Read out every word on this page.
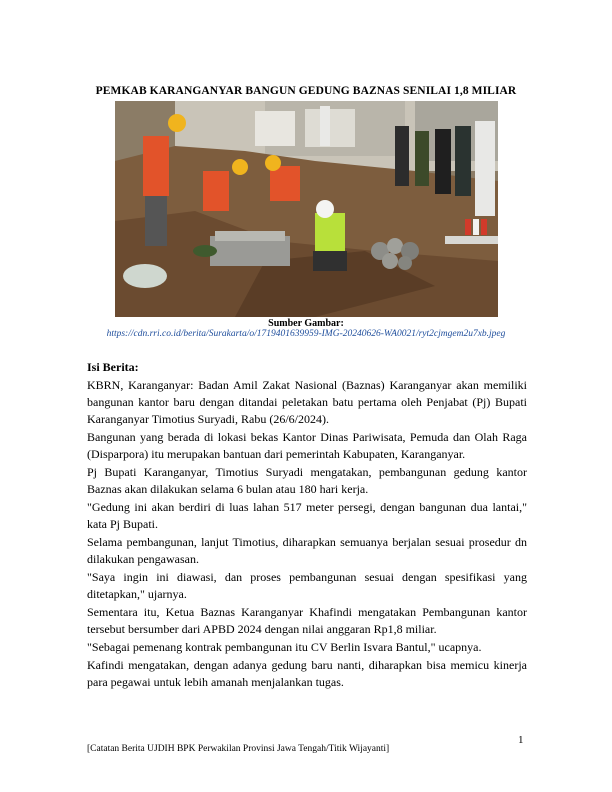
PEMKAB KARANGANYAR BANGUN GEDUNG BAZNAS SENILAI 1,8 MILIAR
Sumber Gambar:
https://cdn.rri.co.id/berita/Surakarta/o/1719401639959-IMG-20240626-WA0021/ryt2cjmgem2u7xb.jpeg

Isi Berita:

KBRN, Karanganyar: Badan Amil Zakat Nasional (Baznas) Karanganyar akan memiliki bangunan kantor baru dengan ditandai peletakan batu pertama oleh Penjabat (Pj) Bupati Karanganyar Timotius Suryadi, Rabu (26/6/2024).

Bangunan yang berada di lokasi bekas Kantor Dinas Pariwisata, Pemuda dan Olah Raga (Disparpora) itu merupakan bantuan dari pemerintah Kabupaten, Karanganyar.

Pj Bupati Karanganyar, Timotius Suryadi mengatakan, pembangunan gedung kantor Baznas akan dilakukan selama 6 bulan atau 180 hari kerja.

"Gedung ini akan berdiri di luas lahan 517 meter persegi, dengan bangunan dua lantai," kata Pj Bupati.

Selama pembangunan, lanjut Timotius, diharapkan semuanya berjalan sesuai prosedur dn dilakukan pengawasan.

"Saya ingin ini diawasi, dan proses pembangunan sesuai dengan spesifikasi yang ditetapkan," ujarnya.

Sementara itu, Ketua Baznas Karanganyar Khafindi mengatakan Pembangunan kantor tersebut bersumber dari APBD 2024 dengan nilai anggaran Rp1,8 miliar.

"Sebagai pemenang kontrak pembangunan itu CV Berlin Isvara Bantul," ucapnya.

Kafindi mengatakan, dengan adanya gedung baru nanti, diharapkan bisa memicu kinerja para pegawai untuk lebih amanah menjalankan tugas.

1
[Catatan Berita UJDIH BPK Perwakilan Provinsi Jawa Tengah/Titik Wijayanti]
